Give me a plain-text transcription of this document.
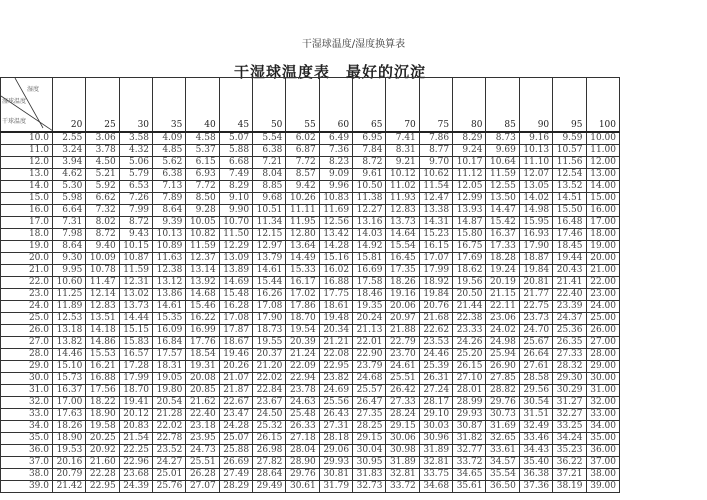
干湿球温度/湿度换算表
干湿球温度表　最好的沉淀
湿度
湿球温度
干球温度	20	25	30	35	40	45	50	55	60	65	70	75	80	85	90	95	100
10.0	2.55	3.06	3.58	4.09	4.58	5.07	5.54	6.02	6.49	6.95	7.41	7.86	8.29	8.73	9.16	9.59	10.00
11.0	3.24	3.78	4.32	4.85	5.37	5.88	6.38	6.87	7.36	7.84	8.31	8.77	9.24	9.69	10.13	10.57	11.00
12.0	3.94	4.50	5.06	5.62	6.15	6.68	7.21	7.72	8.23	8.72	9.21	9.70	10.17	10.64	11.10	11.56	12.00
13.0	4.62	5.21	5.79	6.38	6.93	7.49	8.04	8.57	9.09	9.61	10.12	10.62	11.12	11.59	12.07	12.54	13.00
14.0	5.30	5.92	6.53	7.13	7.72	8.29	8.85	9.42	9.96	10.50	11.02	11.54	12.05	12.55	13.05	13.52	14.00
15.0	5.98	6.62	7.26	7.89	8.50	9.10	9.68	10.26	10.83	11.38	11.93	12.47	12.99	13.50	14.02	14.51	15.00
16.0	6.64	7.32	7.99	8.64	9.28	9.90	10.51	11.11	11.69	12.27	12.83	13.38	13.93	14.47	14.98	15.50	16.00
17.0	7.31	8.02	8.72	9.39	10.05	10.70	11.34	11.95	12.56	13.16	13.73	14.31	14.87	15.42	15.95	16.48	17.00
18.0	7.98	8.72	9.43	10.13	10.82	11.50	12.15	12.80	13.42	14.03	14.64	15.23	15.80	16.37	16.93	17.46	18.00
19.0	8.64	9.40	10.15	10.89	11.59	12.29	12.97	13.64	14.28	14.92	15.54	16.15	16.75	17.33	17.90	18.45	19.00
20.0	9.30	10.09	10.87	11.63	12.37	13.09	13.79	14.49	15.16	15.81	16.45	17.07	17.69	18.28	18.87	19.44	20.00
21.0	9.95	10.78	11.59	12.38	13.14	13.89	14.61	15.33	16.02	16.69	17.35	17.99	18.62	19.24	19.84	20.43	21.00
22.0	10.60	11.47	12.31	13.12	13.92	14.69	15.44	16.17	16.88	17.58	18.26	18.92	19.56	20.19	20.81	21.41	22.00
23.0	11.25	12.14	13.02	13.86	14.68	15.48	16.26	17.02	17.75	18.46	19.16	19.84	20.50	21.15	21.77	22.40	23.00
24.0	11.89	12.83	13.73	14.61	15.46	16.28	17.08	17.86	18.61	19.35	20.06	20.76	21.44	22.11	22.75	23.39	24.00
25.0	12.53	13.51	14.44	15.35	16.22	17.08	17.90	18.70	19.48	20.24	20.97	21.68	22.38	23.06	23.73	24.37	25.00
26.0	13.18	14.18	15.15	16.09	16.99	17.87	18.73	19.54	20.34	21.13	21.88	22.62	23.33	24.02	24.70	25.36	26.00
27.0	13.82	14.86	15.83	16.84	17.76	18.67	19.55	20.39	21.21	22.01	22.79	23.53	24.26	24.98	25.67	26.35	27.00
28.0	14.46	15.53	16.57	17.57	18.54	19.46	20.37	21.24	22.08	22.90	23.70	24.46	25.20	25.94	26.64	27.33	28.00
29.0	15.10	16.21	17.28	18.31	19.31	20.26	21.20	22.09	22.95	23.79	24.61	25.39	26.15	26.90	27.61	28.32	29.00
30.0	15.73	16.88	17.99	19.05	20.08	21.07	22.02	22.94	23.82	24.68	25.51	26.31	27.10	27.85	28.58	29.30	30.00
31.0	16.37	17.56	18.70	19.80	20.85	21.87	22.84	23.78	24.69	25.57	26.42	27.24	28.01	28.82	29.56	30.29	31.00
32.0	17.00	18.22	19.41	20.54	21.62	22.67	23.67	24.63	25.56	26.47	27.33	28.17	28.99	29.76	30.54	31.27	32.00
33.0	17.63	18.90	20.12	21.28	22.40	23.47	24.50	25.48	26.43	27.35	28.24	29.10	29.93	30.73	31.51	32.27	33.00
34.0	18.26	19.58	20.83	22.02	23.18	24.28	25.32	26.33	27.31	28.25	29.15	30.03	30.87	31.69	32.49	33.25	34.00
35.0	18.90	20.25	21.54	22.78	23.95	25.07	26.15	27.18	28.18	29.15	30.06	30.96	31.82	32.65	33.46	34.24	35.00
36.0	19.53	20.92	22.25	23.52	24.73	25.88	26.98	28.04	29.06	30.04	30.98	31.89	32.77	33.61	34.43	35.23	36.00
37.0	20.16	21.60	22.96	24.27	25.51	26.69	27.82	28.90	29.93	30.95	31.89	32.81	33.72	34.57	35.40	36.22	37.00
38.0	20.79	22.28	23.68	25.01	26.28	27.49	28.64	29.76	30.81	31.83	32.81	33.75	34.65	35.54	36.38	37.21	38.00
39.0	21.42	22.95	24.39	25.76	27.07	28.29	29.49	30.61	31.79	32.73	33.72	34.68	35.61	36.50	37.36	38.19	39.00
